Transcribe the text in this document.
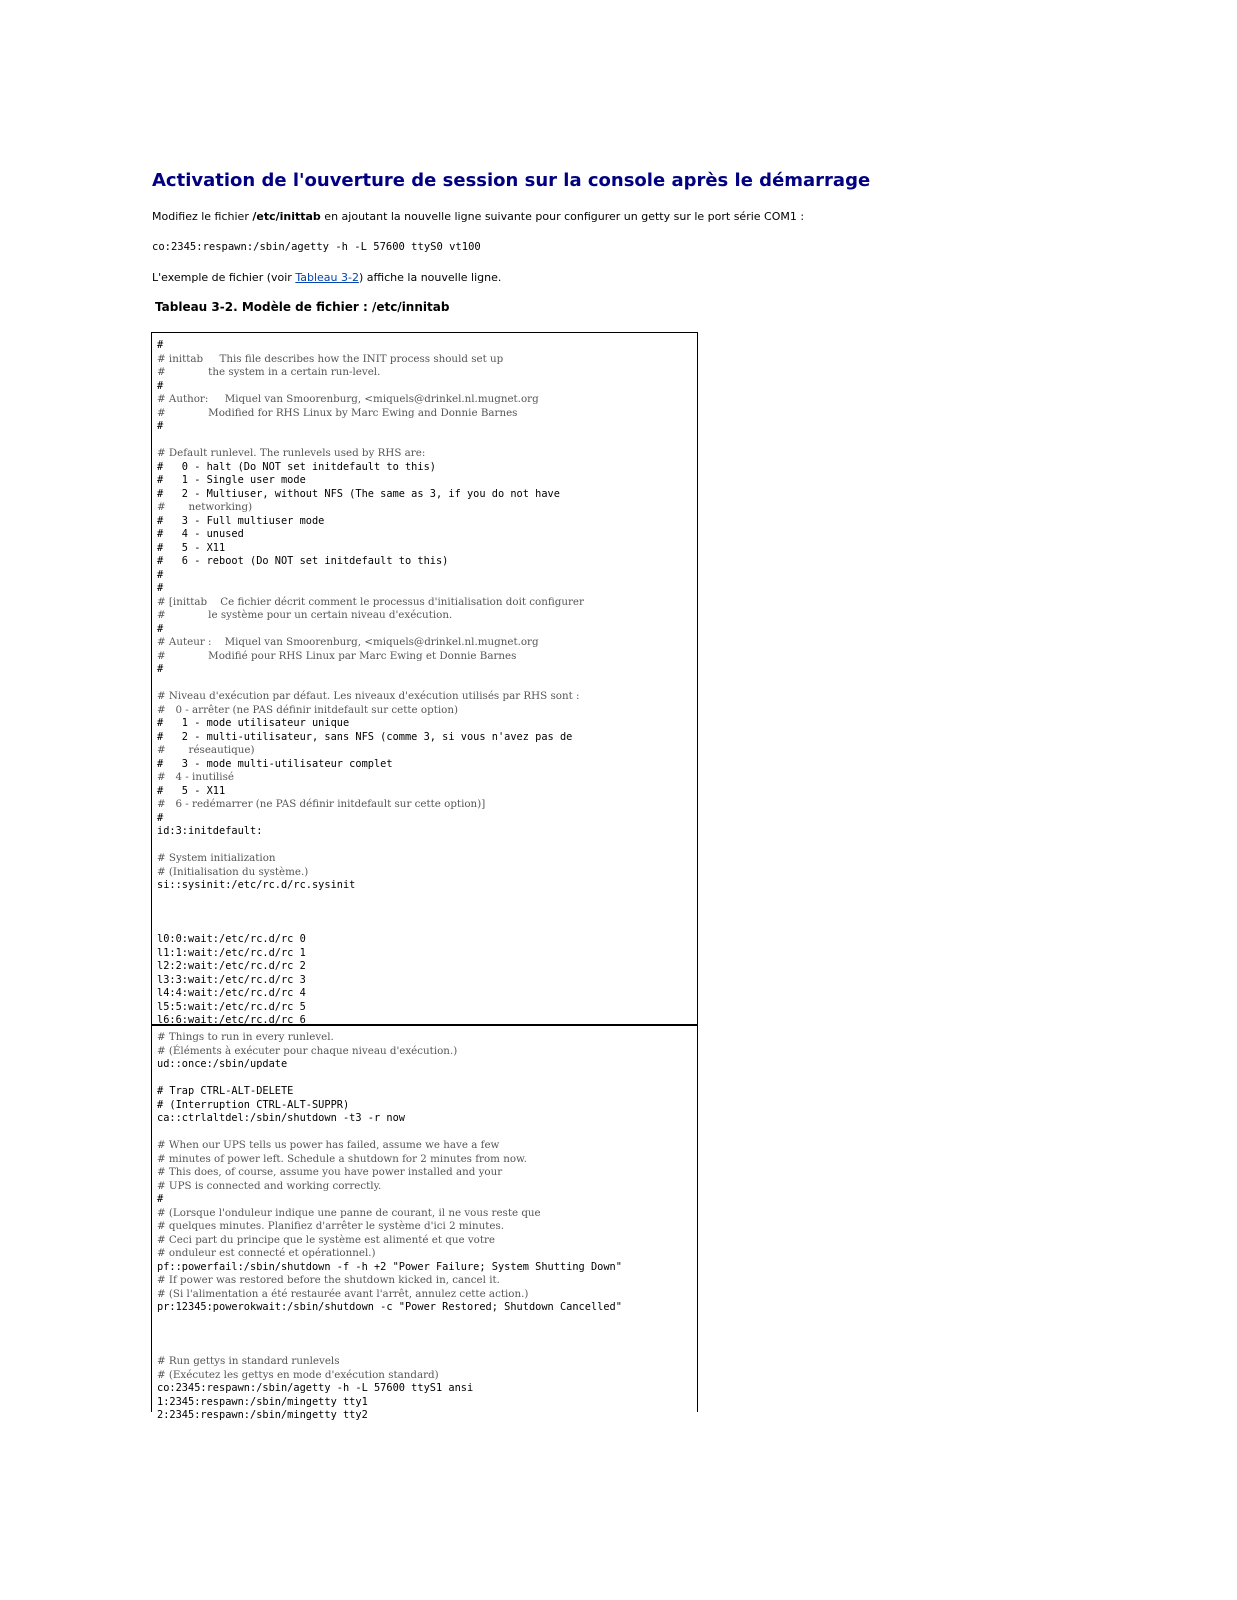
Activation de l'ouverture de session sur la console après le démarrage
Modifiez le fichier /etc/inittab en ajoutant la nouvelle ligne suivante pour configurer un getty sur le port série COM1 :
co:2345:respawn:/sbin/agetty -h -L 57600 ttyS0 vt100
L'exemple de fichier (voir Tableau 3-2) affiche la nouvelle ligne.
Tableau 3-2. Modèle de fichier : /etc/innitab
#
# inittab     This file describes how the INIT process should set up
#             the system in a certain run-level.
#
# Author:     Miquel van Smoorenburg, <miquels@drinkel.nl.mugnet.org
#             Modified for RHS Linux by Marc Ewing and Donnie Barnes
#
# Default runlevel. The runlevels used by RHS are:
#   0 - halt (Do NOT set initdefault to this)
#   1 - Single user mode
#   2 - Multiuser, without NFS (The same as 3, if you do not have
#       networking)
#   3 - Full multiuser mode
#   4 - unused
#   5 - X11
#   6 - reboot (Do NOT set initdefault to this)
#
#
# [inittab    Ce fichier décrit comment le processus d'initialisation doit configurer
#             le système pour un certain niveau d'exécution.
#
# Auteur :    Miquel van Smoorenburg, <miquels@drinkel.nl.mugnet.org
#             Modifié pour RHS Linux par Marc Ewing et Donnie Barnes
#
# Niveau d'exécution par défaut. Les niveaux d'exécution utilisés par RHS sont :
#   0 - arrêter (ne PAS définir initdefault sur cette option)
#   1 - mode utilisateur unique
#   2 - multi-utilisateur, sans NFS (comme 3, si vous n'avez pas de
#       réseautique)
#   3 - mode multi-utilisateur complet
#   4 - inutilisé
#   5 - X11
#   6 - redémarrer (ne PAS définir initdefault sur cette option)]
#
id:3:initdefault:
# System initialization
# (Initialisation du système.)
si::sysinit:/etc/rc.d/rc.sysinit
l0:0:wait:/etc/rc.d/rc 0
l1:1:wait:/etc/rc.d/rc 1
l2:2:wait:/etc/rc.d/rc 2
l3:3:wait:/etc/rc.d/rc 3
l4:4:wait:/etc/rc.d/rc 4
l5:5:wait:/etc/rc.d/rc 5
l6:6:wait:/etc/rc.d/rc 6
# Things to run in every runlevel.
# (Éléments à exécuter pour chaque niveau d'exécution.)
ud::once:/sbin/update
# Trap CTRL-ALT-DELETE
# (Interruption CTRL-ALT-SUPPR)
ca::ctrlaltdel:/sbin/shutdown -t3 -r now
# When our UPS tells us power has failed, assume we have a few
# minutes of power left. Schedule a shutdown for 2 minutes from now.
# This does, of course, assume you have power installed and your
# UPS is connected and working correctly.
#
# (Lorsque l'onduleur indique une panne de courant, il ne vous reste que
# quelques minutes. Planifiez d'arrêter le système d'ici 2 minutes.
# Ceci part du principe que le système est alimenté et que votre
# onduleur est connecté et opérationnel.)
pf::powerfail:/sbin/shutdown -f -h +2 "Power Failure; System Shutting Down"
# If power was restored before the shutdown kicked in, cancel it.
# (Si l'alimentation a été restaurée avant l'arrêt, annulez cette action.)
pr:12345:powerokwait:/sbin/shutdown -c "Power Restored; Shutdown Cancelled"
# Run gettys in standard runlevels
# (Exécutez les gettys en mode d'exécution standard)
co:2345:respawn:/sbin/agetty -h -L 57600 ttyS1 ansi
1:2345:respawn:/sbin/mingetty tty1
2:2345:respawn:/sbin/mingetty tty2
